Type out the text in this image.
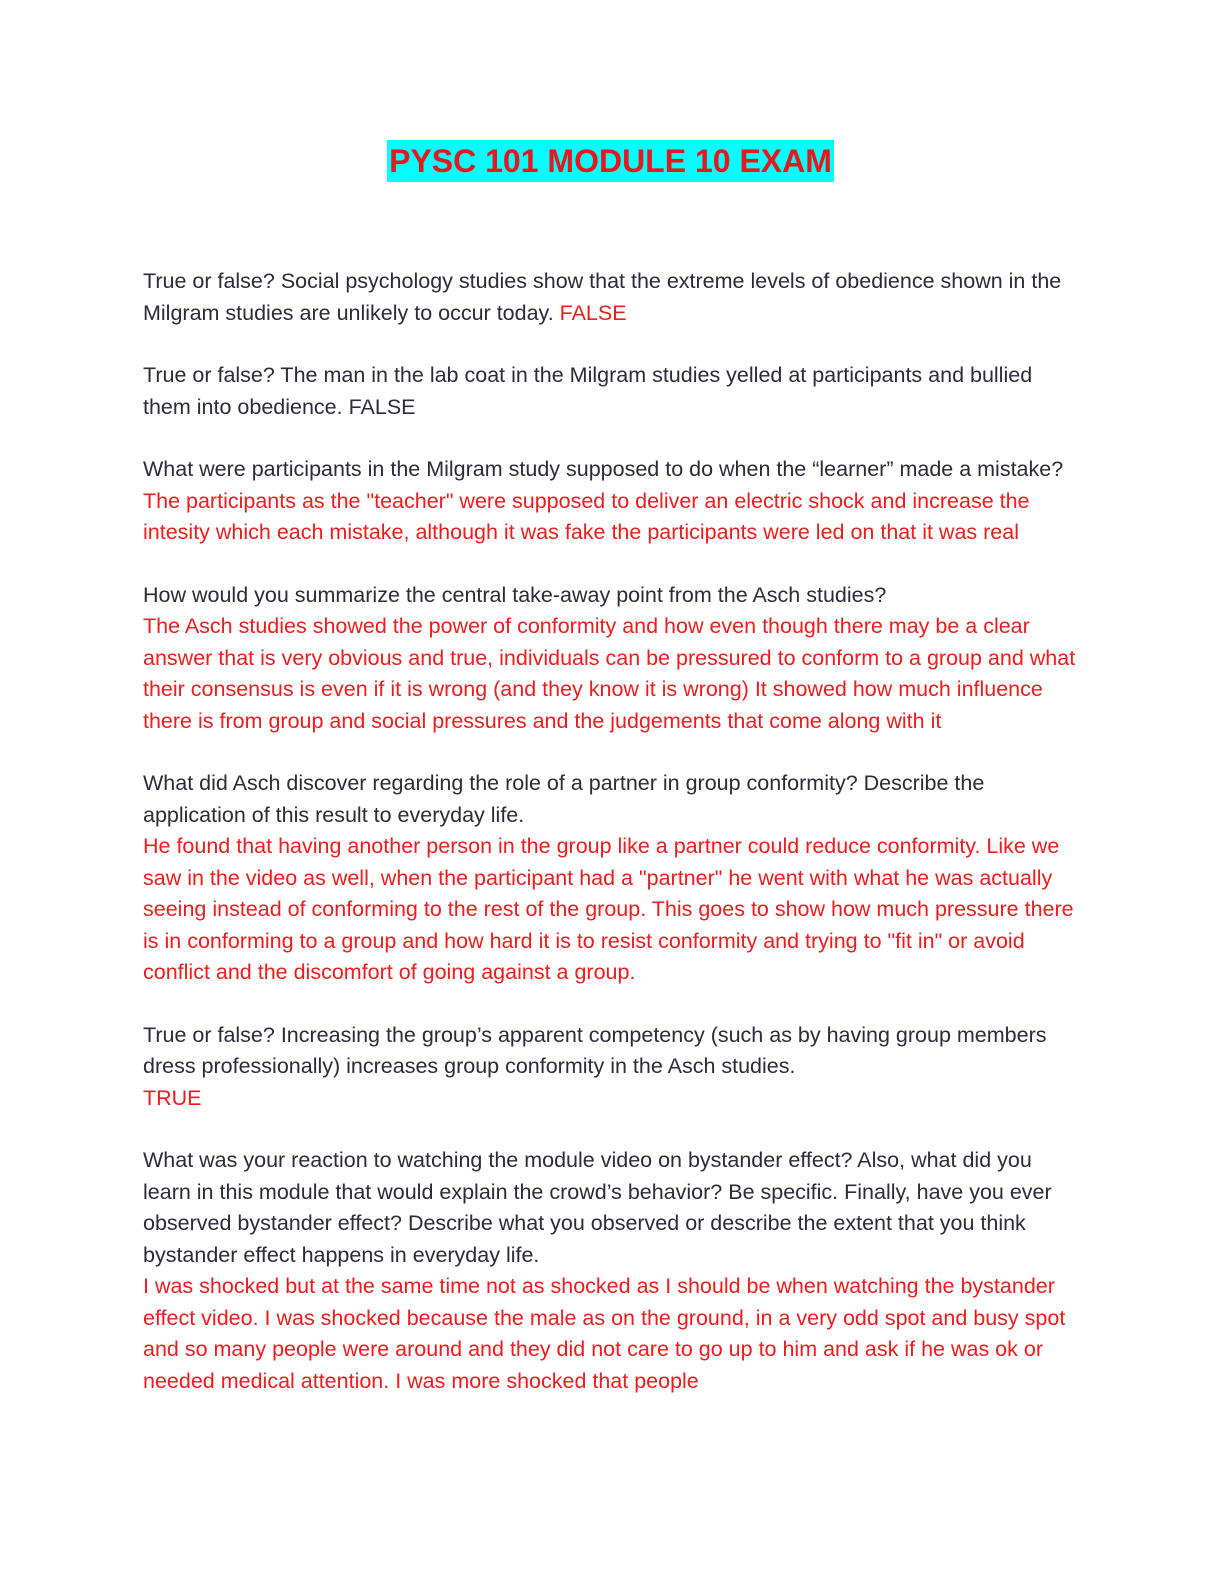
PYSC 101 MODULE 10 EXAM
True or false? Social psychology studies show that the extreme levels of obedience shown in the Milgram studies are unlikely to occur today. FALSE
True or false? The man in the lab coat in the Milgram studies yelled at participants and bullied them into obedience. FALSE
What were participants in the Milgram study supposed to do when the “learner” made a mistake?The participants as the "teacher" were supposed to deliver an electric shock and increase the intesity which each mistake, although it was fake the participants were led on that it was real
How would you summarize the central take-away point from the Asch studies?
The Asch studies showed the power of conformity and how even though there may be a clear answer that is very obvious and true, individuals can be pressured to conform to a group and what their consensus is even if it is wrong (and they know it is wrong) It showed how much influence there is from group and social pressures and the judgements that come along with it
What did Asch discover regarding the role of a partner in group conformity? Describe the application of this result to everyday life.
He found that having another person in the group like a partner could reduce conformity. Like we saw in the video as well, when the participant had a "partner" he went with what he was actually seeing instead of conforming to the rest of the group. This goes to show how much pressure there is in conforming to a group and how hard it is to resist conformity and trying to "fit in" or avoid conflict and the discomfort of going against a group.
True or false? Increasing the group’s apparent competency (such as by having group members dress professionally) increases group conformity in the Asch studies.
TRUE
What was your reaction to watching the module video on bystander effect? Also, what did you learn in this module that would explain the crowd’s behavior? Be specific. Finally, have you ever observed bystander effect? Describe what you observed or describe the extent that you think bystander effect happens in everyday life.
I was shocked but at the same time not as shocked as I should be when watching the bystander effect video. I was shocked because the male as on the ground, in a very odd spot and busy spot and so many people were around and they did not care to go up to him and ask if he was ok or needed medical attention. I was more shocked that people
